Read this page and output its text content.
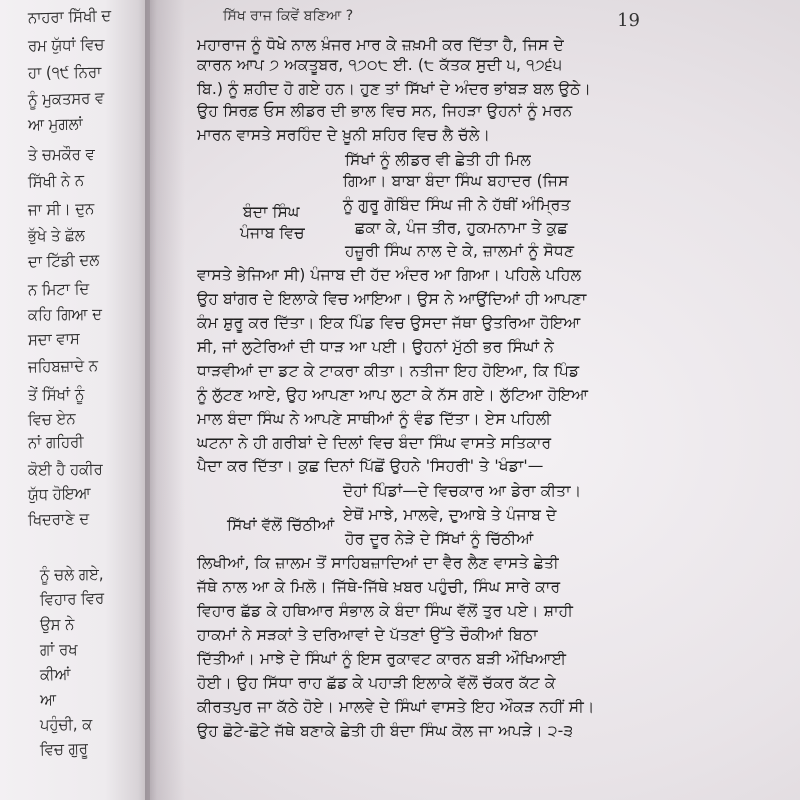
ਨਾਹਰਾ ਸਿੱਖੀ ਦ
ਰਮ ਯੁੱਧਾਂ ਵਿਚ
ਹਾ (੧੯ ਨਿਰਾ
ਨੂੰ ਮੁਕਤਸਰ ਵ
ਆ ਮੁਗਲਾਂ
ਤੇ ਚਮਕੌਰ ਵ
ਸਿੱਖੀ ਨੇ ਨ
ਜਾ ਸੀ। ਦੁਨ
ਭੁੱਖੇ ਤੇ ਛੱਲ
ਦਾ ਟਿੱਡੀ ਦਲ
ਨ ਮਿਟਾ ਦਿ
ਕਹਿ ਗਿਆ ਦ
ਸਦਾ ਵਾਸ
ਜਹਿਬਜ਼ਾਦੇ ਨ
ਤੇਂ ਸਿੱਖਾਂ ਨੂੰ
ਵਿਚ ਏਨ
ਨਾਂ ਗਹਿਰੀ
ਕੋਈ ਹੈ ਹਕੀਰ
ਯੁੱਧ ਹੋਇਆ
ਖਿਦਰਾਣੇ ਦ
ਨੂੰ ਚਲੇ ਗਏ,
ਵਿਹਾਰ ਵਿਰ
ਉਸ ਨੇ
ਗਾਂ ਰਖ
ਕੀਆਂ
ਆ
ਪਹੁੰਚੀ, ਕ
ਵਿਚ ਗੁਰੂ
ਸਿੱਖ ਰਾਜ ਕਿਵੇਂ ਬਣਿਆ ?	19
ਮਹਾਰਾਜ ਨੂੰ ਧੋਖੇ ਨਾਲ ਖ਼ੰਜਰ ਮਾਰ ਕੇ ਜ਼ਖ਼ਮੀ ਕਰ ਦਿੱਤਾ ਹੈ, ਜਿਸ ਦੇ
ਕਾਰਨ ਆਪ ੭ ਅਕਤੂਬਰ, ੧੭੦੮ ਈ. (੮ ਕੱਤਕ ਸੁਦੀ ੫, ੧੭੬੫
ਬਿ.) ਨੂੰ ਸ਼ਹੀਦ ਹੋ ਗਏ ਹਨ। ਹੁਣ ਤਾਂ ਸਿੱਖਾਂ ਦੇ ਅੰਦਰ ਭਾਂਬੜ ਬਲ ਉਠੇ।
ਉਹ ਸਿਰਫ਼ ਓਸ ਲੀਡਰ ਦੀ ਭਾਲ ਵਿਚ ਸਨ, ਜਿਹੜਾ ਉਹਨਾਂ ਨੂੰ ਮਰਨ
ਮਾਰਨ ਵਾਸਤੇ ਸਰਹਿੰਦ ਦੇ ਖ਼ੂਨੀ ਸ਼ਹਿਰ ਵਿਚ ਲੈ ਚੱਲੇ।
ਸਿੱਖਾਂ ਨੂੰ ਲੀਡਰ ਵੀ ਛੇਤੀ ਹੀ ਮਿਲ
ਗਿਆ। ਬਾਬਾ ਬੰਦਾ ਸਿੰਘ ਬਹਾਦਰ (ਜਿਸ
ਨੂੰ ਗੁਰੂ ਗੋਬਿੰਦ ਸਿੰਘ ਜੀ ਨੇ ਹੱਥੀਂ ਅੰਮ੍ਰਿਤ
ਛਕਾ ਕੇ, ਪੰਜ ਤੀਰ, ਹੁਕਮਨਾਮਾ ਤੇ ਕੁਛ
ਹਜ਼ੂਰੀ ਸਿੰਘ ਨਾਲ ਦੇ ਕੇ, ਜ਼ਾਲਮਾਂ ਨੂੰ ਸੋਧਣ
ਵਾਸਤੇ ਭੇਜਿਆ ਸੀ) ਪੰਜਾਬ ਦੀ ਹੱਦ ਅੰਦਰ ਆ ਗਿਆ। ਪਹਿਲੇ ਪਹਿਲ
ਉਹ ਬਾਂਗਰ ਦੇ ਇਲਾਕੇ ਵਿਚ ਆਇਆ। ਉਸ ਨੇ ਆਉਂਦਿਆਂ ਹੀ ਆਪਣਾ
ਕੰਮ ਸ਼ੁਰੂ ਕਰ ਦਿੱਤਾ। ਇਕ ਪਿੰਡ ਵਿਚ ਉਸਦਾ ਜੱਥਾ ਉਤਰਿਆ ਹੋਇਆ
ਸੀ, ਜਾਂ ਲੁਟੇਰਿਆਂ ਦੀ ਧਾੜ ਆ ਪਈ। ਉਹਨਾਂ ਮੁੱਠੀ ਭਰ ਸਿੰਘਾਂ ਨੇ
ਧਾੜਵੀਆਂ ਦਾ ਡਟ ਕੇ ਟਾਕਰਾ ਕੀਤਾ। ਨਤੀਜਾ ਇਹ ਹੋਇਆ, ਕਿ ਪਿੰਡ
ਨੂੰ ਲੁੱਟਣ ਆਏ, ਉਹ ਆਪਣਾ ਆਪ ਲੁਟਾ ਕੇ ਨੱਸ ਗਏ। ਲੁੱਟਿਆ ਹੋਇਆ
ਮਾਲ ਬੰਦਾ ਸਿੰਘ ਨੇ ਆਪਣੇ ਸਾਥੀਆਂ ਨੂੰ ਵੰਡ ਦਿੱਤਾ। ਏਸ ਪਹਿਲੀ
ਘਟਨਾ ਨੇ ਹੀ ਗਰੀਬਾਂ ਦੇ ਦਿਲਾਂ ਵਿਚ ਬੰਦਾ ਸਿੰਘ ਵਾਸਤੇ ਸਤਿਕਾਰ
ਪੈਦਾ ਕਰ ਦਿੱਤਾ। ਕੁਛ ਦਿਨਾਂ ਪਿੱਛੋਂ ਉਹਨੇ 'ਸਿਹਰੀ' ਤੇ 'ਖੰਡਾ'—
ਦੋਹਾਂ ਪਿੰਡਾਂ—ਦੇ ਵਿਚਕਾਰ ਆ ਡੇਰਾ ਕੀਤਾ।
ਏਥੋਂ ਮਾਝੇ, ਮਾਲਵੇ, ਦੁਆਬੇ ਤੇ ਪੰਜਾਬ ਦੇ
ਹੋਰ ਦੂਰ ਨੇੜੇ ਦੇ ਸਿੱਖਾਂ ਨੂੰ ਚਿੱਠੀਆਂ
ਲਿਖੀਆਂ, ਕਿ ਜ਼ਾਲਮ ਤੋਂ ਸਾਹਿਬਜ਼ਾਦਿਆਂ ਦਾ ਵੈਰ ਲੈਣ ਵਾਸਤੇ ਛੇਤੀ
ਜੱਥੇ ਨਾਲ ਆ ਕੇ ਮਿਲੋ। ਜਿੱਥੇ-ਜਿੱਥੇ ਖ਼ਬਰ ਪਹੁੰਚੀ, ਸਿੰਘ ਸਾਰੇ ਕਾਰ
ਵਿਹਾਰ ਛੱਡ ਕੇ ਹਥਿਆਰ ਸੰਭਾਲ ਕੇ ਬੰਦਾ ਸਿੰਘ ਵੱਲੋਂ ਤੁਰ ਪਏ। ਸ਼ਾਹੀ
ਹਾਕਮਾਂ ਨੇ ਸੜਕਾਂ ਤੇ ਦਰਿਆਵਾਂ ਦੇ ਪੱਤਣਾਂ ਉੱਤੇ ਚੌਕੀਆਂ ਬਿਠਾ
ਦਿੱਤੀਆਂ। ਮਾਝੇ ਦੇ ਸਿੰਘਾਂ ਨੂੰ ਇਸ ਰੁਕਾਵਟ ਕਾਰਨ ਬੜੀ ਔਖਿਆਈ
ਹੋਈ। ਉਹ ਸਿੱਧਾ ਰਾਹ ਛੱਡ ਕੇ ਪਹਾੜੀ ਇਲਾਕੇ ਵੱਲੋਂ ਚੱਕਰ ਕੱਟ ਕੇ
ਕੀਰਤਪੁਰ ਜਾ ਕੱਠੇ ਹੋਏ। ਮਾਲਵੇ ਦੇ ਸਿੰਘਾਂ ਵਾਸਤੇ ਇਹ ਔਕੜ ਨਹੀਂ ਸੀ।
ਉਹ ਛੋਟੇ-ਛੋਟੇ ਜੱਥੇ ਬਣਾਕੇ ਛੇਤੀ ਹੀ ਬੰਦਾ ਸਿੰਘ ਕੋਲ ਜਾ ਅਪੜੇ। ੨-੩
ਬੰਦਾ ਸਿੰਘ
ਪੰਜਾਬ ਵਿਚ
ਸਿੱਖਾਂ ਵੱਲੋਂ ਚਿੱਠੀਆਂ
